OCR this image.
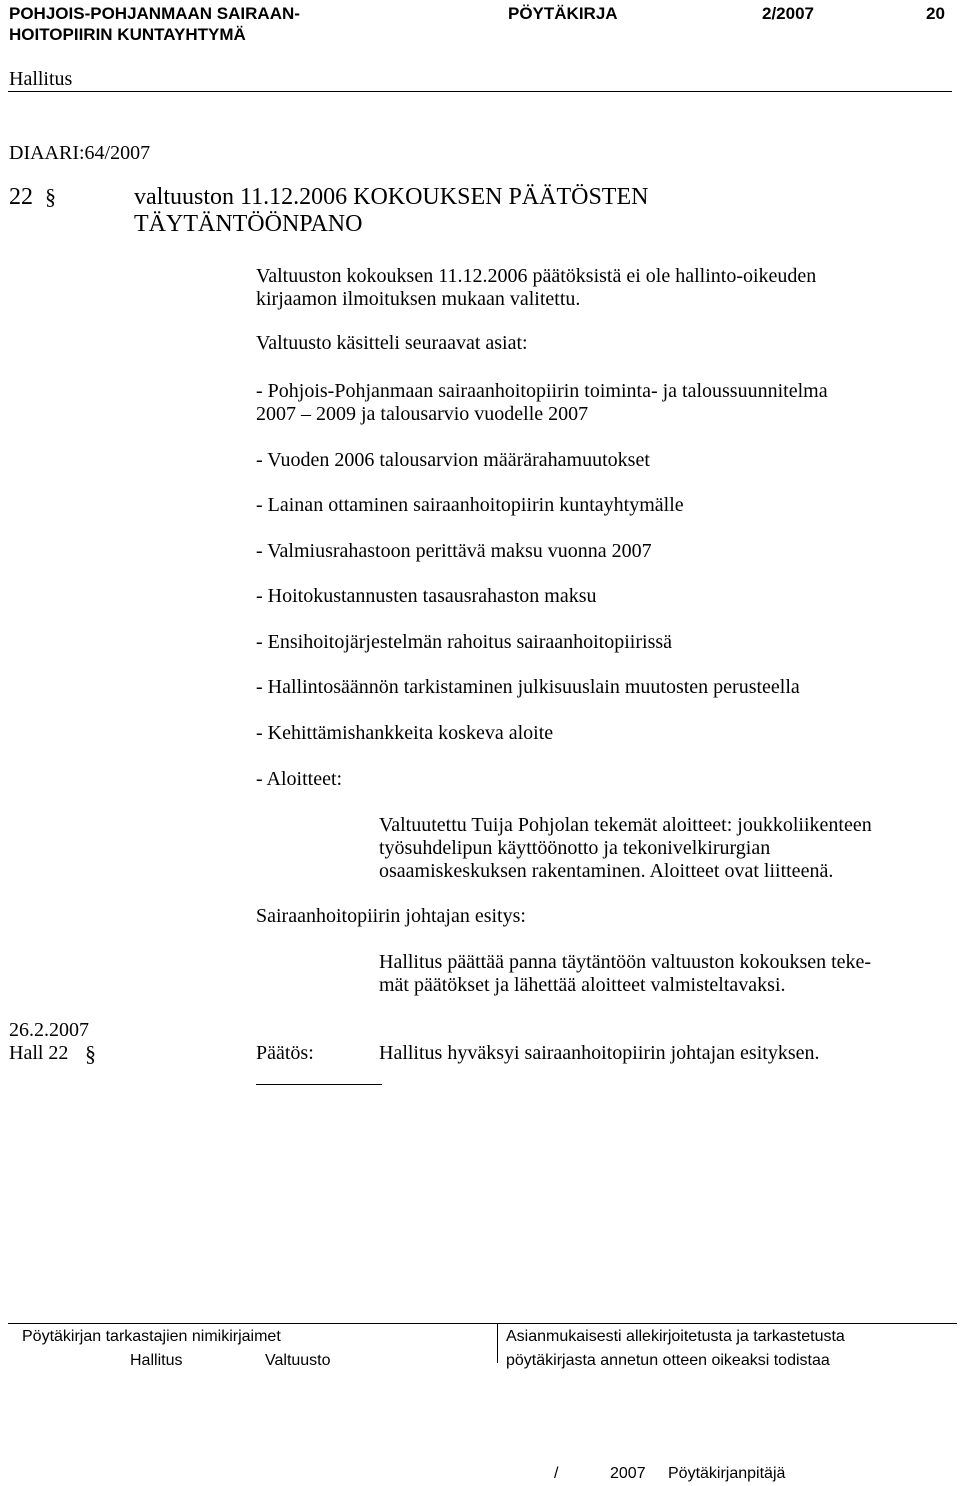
POHJOIS-POHJANMAAN SAIRAAN-
HOITOPIIRIN KUNTAYHTYMÄ
PÖYTÄKIRJA	2/2007	20
Hallitus
DIAARI:64/2007
22 §	valtuuston 11.12.2006 KOKOUKSEN PÄÄTÖSTEN
TÄYTÄNTÖÖNPANO
Valtuuston kokouksen 11.12.2006 päätöksistä ei ole hallinto-oikeuden
kirjaamon ilmoituksen mukaan valitettu.
Valtuusto käsitteli seuraavat asiat:
- Pohjois-Pohjanmaan sairaanhoitopiirin toiminta- ja taloussuunnitelma
2007 – 2009 ja talousarvio vuodelle 2007
- Vuoden 2006 talousarvion määrärahamuutokset
- Lainan ottaminen sairaanhoitopiirin kuntayhtymälle
- Valmiusrahastoon perittävä maksu vuonna 2007
- Hoitokustannusten tasausrahaston maksu
- Ensihoitojärjestelmän rahoitus sairaanhoitopiirissä
- Hallintosäännön tarkistaminen julkisuuslain muutosten perusteella
- Kehittämishankkeita koskeva aloite
- Aloitteet:
Valtuutettu Tuija Pohjolan tekemät aloitteet: joukkoliikenteen
työsuhdelipun käyttöönotto ja tekonivelkirurgian
osaamiskeskuksen rakentaminen. Aloitteet ovat liitteenä.
Sairaanhoitopiirin johtajan esitys:
Hallitus päättää panna täytäntöön valtuuston kokouksen teke-
mät päätökset ja lähettää aloitteet valmisteltavaksi.
26.2.2007
Hall 22 §	Päätös:	Hallitus hyväksyi sairaanhoitopiirin johtajan esityksen.
Pöytäkirjan tarkastajien nimikirjaimet
Hallitus	Valtuusto
Asianmukaisesti allekirjoitetusta ja tarkastetusta
pöytäkirjasta annetun otteen oikeaksi todistaa
/	2007 Pöytäkirjanpitäjä
